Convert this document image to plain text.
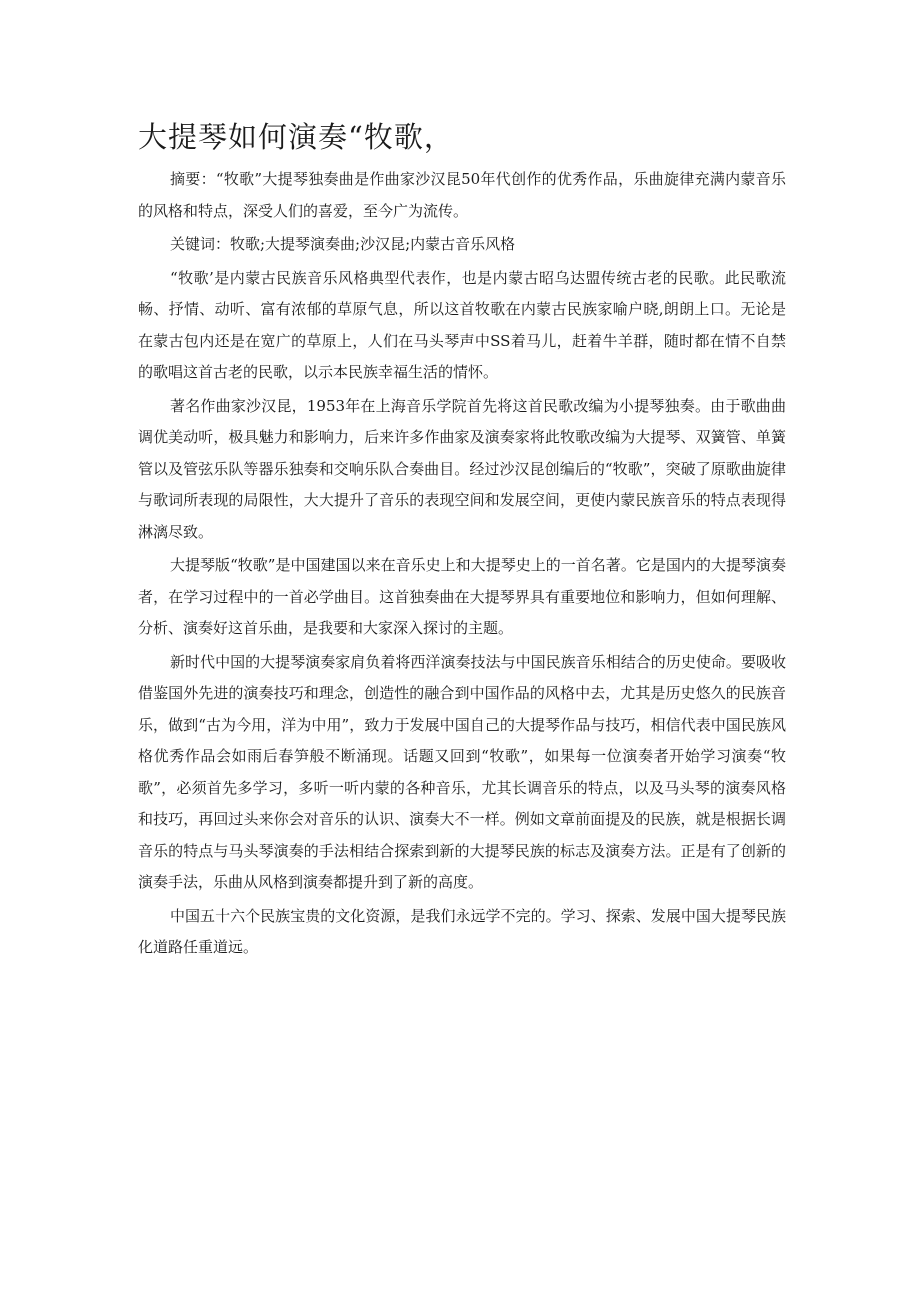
大提琴如何演奏“牧歌，

摘要：“牧歌”大提琴独奏曲是作曲家沙汉昆50年代创作的优秀作品，乐曲旋律充满内蒙音乐的风格和特点，深受人们的喜爱，至今广为流传。

关键词：牧歌;大提琴演奏曲;沙汉昆;内蒙古音乐风格

“牧歌’是内蒙古民族音乐风格典型代表作，也是内蒙古昭乌达盟传统古老的民歌。此民歌流畅、抒情、动听、富有浓郁的草原气息，所以这首牧歌在内蒙古民族家喻户晓,朗朗上口。无论是在蒙古包内还是在宽广的草原上，人们在马头琴声中SS着马儿，赶着牛羊群，随时都在情不自禁的歌唱这首古老的民歌，以示本民族幸福生活的情怀。

著名作曲家沙汉昆，1953年在上海音乐学院首先将这首民歌改编为小提琴独奏。由于歌曲曲调优美动听，极具魅力和影响力，后来许多作曲家及演奏家将此牧歌改编为大提琴、双簧管、单簧管以及管弦乐队等器乐独奏和交响乐队合奏曲目。经过沙汉昆创编后的“牧歌”，突破了原歌曲旋律与歌词所表现的局限性，大大提升了音乐的表现空间和发展空间，更使内蒙民族音乐的特点表现得淋漓尽致。

大提琴版“牧歌”是中国建国以来在音乐史上和大提琴史上的一首名著。它是国内的大提琴演奏者，在学习过程中的一首必学曲目。这首独奏曲在大提琴界具有重要地位和影响力，但如何理解、分析、演奏好这首乐曲，是我要和大家深入探讨的主题。

新时代中国的大提琴演奏家肩负着将西洋演奏技法与中国民族音乐相结合的历史使命。要吸收借鉴国外先进的演奏技巧和理念，创造性的融合到中国作品的风格中去，尤其是历史悠久的民族音乐，做到“古为今用，洋为中用”，致力于发展中国自己的大提琴作品与技巧，相信代表中国民族风格优秀作品会如雨后春笋般不断涌现。话题又回到“牧歌”，如果每一位演奏者开始学习演奏“牧歌”，必须首先多学习，多听一听内蒙的各种音乐，尤其长调音乐的特点，以及马头琴的演奏风格和技巧，再回过头来你会对音乐的认识、演奏大不一样。例如文章前面提及的民族，就是根据长调音乐的特点与马头琴演奏的手法相结合探索到新的大提琴民族的标志及演奏方法。正是有了创新的演奏手法，乐曲从风格到演奏都提升到了新的高度。

中国五十六个民族宝贵的文化资源，是我们永远学不完的。学习、探索、发展中国大提琴民族化道路任重道远。
